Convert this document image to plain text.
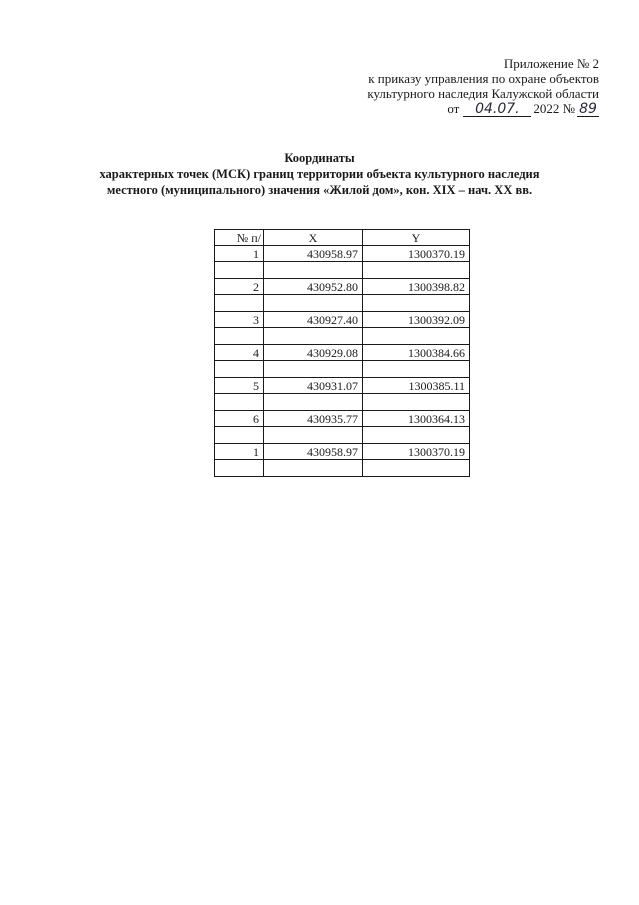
Приложение № 2
к приказу управления по охране объектов
культурного наследия Калужской области
от 04.07. 2022 № 89
Координаты
характерных точек (МСК) границ территории объекта культурного наследия
местного (муниципального) значения «Жилой дом», кон. XIX – нач. XX вв.
№ п/	X	Y
1	430958.97	1300370.19

2	430952.80	1300398.82

3	430927.40	1300392.09

4	430929.08	1300384.66

5	430931.07	1300385.11

6	430935.77	1300364.13

1	430958.97	1300370.19
